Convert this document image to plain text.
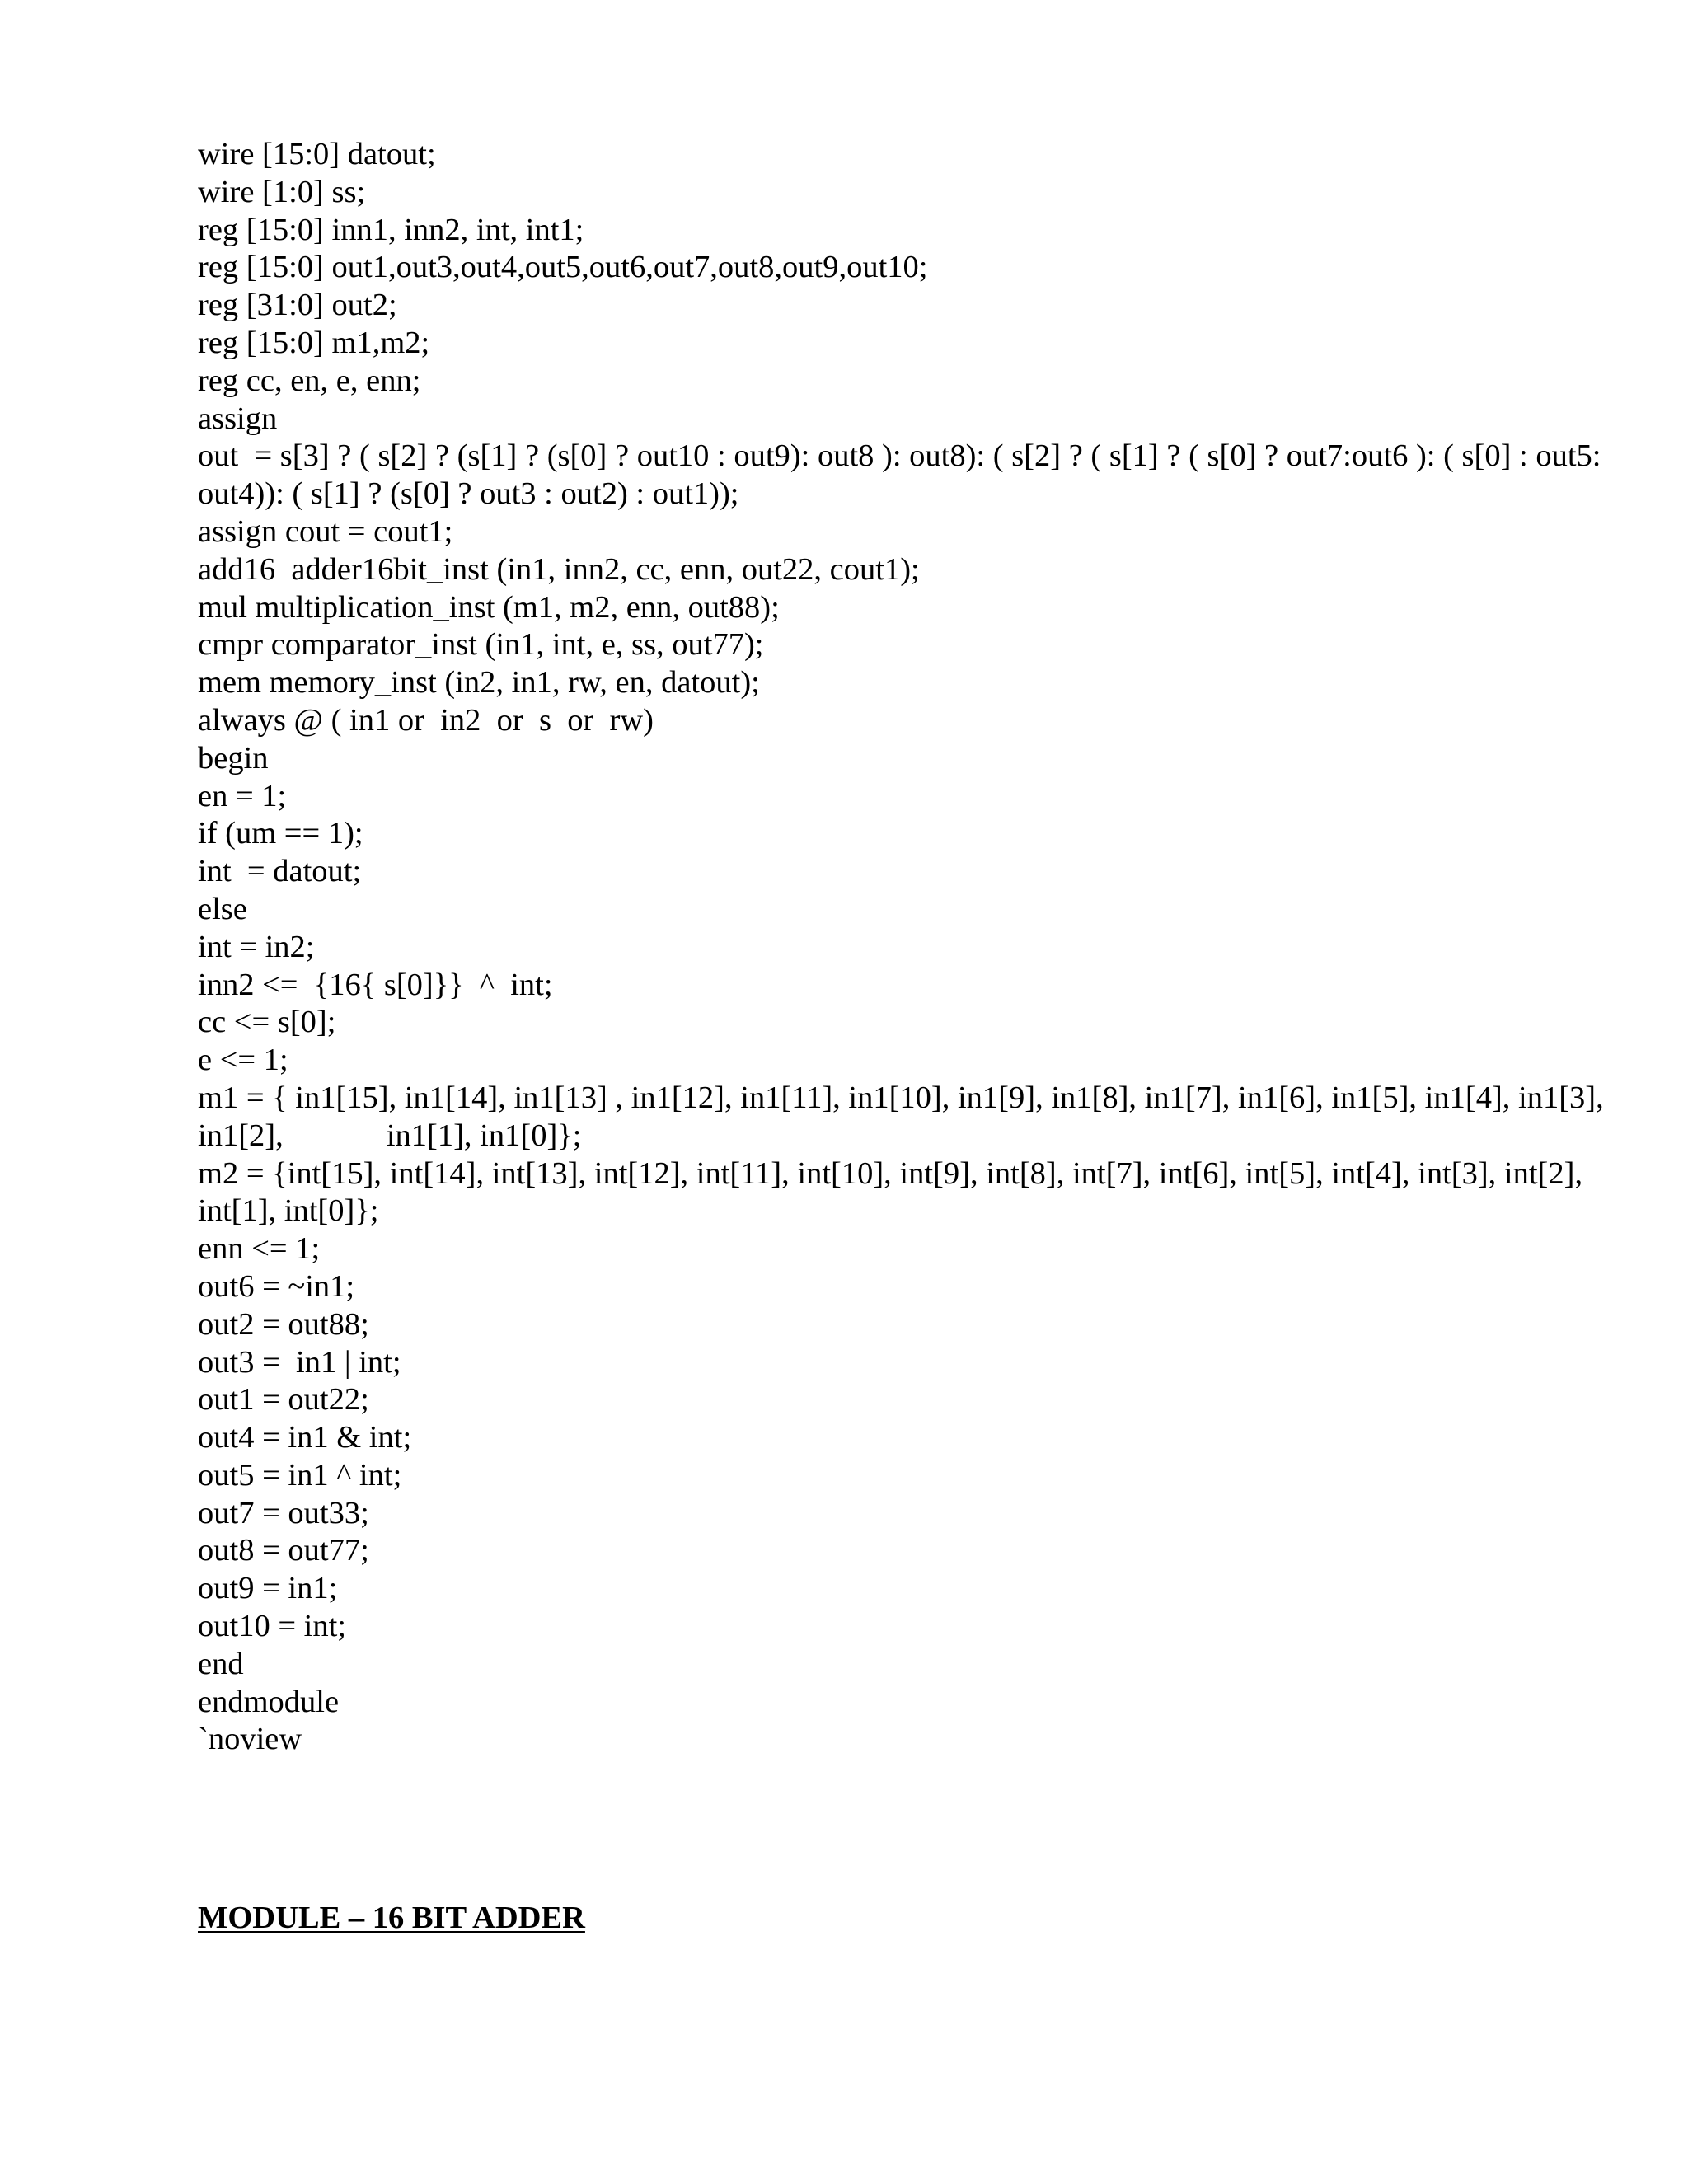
wire [15:0] datout;
wire [1:0] ss;
reg [15:0] inn1, inn2, int, int1;
reg [15:0] out1,out3,out4,out5,out6,out7,out8,out9,out10;
reg [31:0] out2;
reg [15:0] m1,m2;
reg cc, en, e, enn;
assign
out  = s[3] ? ( s[2] ? (s[1] ? (s[0] ? out10 : out9): out8 ): out8): ( s[2] ? ( s[1] ? ( s[0] ? out7:out6 ): ( s[0] : out5:
out4)): ( s[1] ? (s[0] ? out3 : out2) : out1));
assign cout = cout1;
add16  adder16bit_inst (in1, inn2, cc, enn, out22, cout1);
mul multiplication_inst (m1, m2, enn, out88);
cmpr comparator_inst (in1, int, e, ss, out77);
mem memory_inst (in2, in1, rw, en, datout);
always @ ( in1 or  in2  or  s  or  rw)
begin
en = 1;
if (um == 1);
int  = datout;
else
int = in2;
inn2 <=  {16{ s[0]}}  ^  int;
cc <= s[0];
e <= 1;
m1 = { in1[15], in1[14], in1[13] , in1[12], in1[11], in1[10], in1[9], in1[8], in1[7], in1[6], in1[5], in1[4], in1[3],
in1[2],             in1[1], in1[0]};
m2 = {int[15], int[14], int[13], int[12], int[11], int[10], int[9], int[8], int[7], int[6], int[5], int[4], int[3], int[2],
int[1], int[0]};
enn <= 1;
out6 = ~in1;
out2 = out88;
out3 =  in1 | int;
out1 = out22;
out4 = in1 & int;
out5 = in1 ^ int;
out7 = out33;
out8 = out77;
out9 = in1;
out10 = int;
end
endmodule
`noview
MODULE – 16 BIT ADDER
